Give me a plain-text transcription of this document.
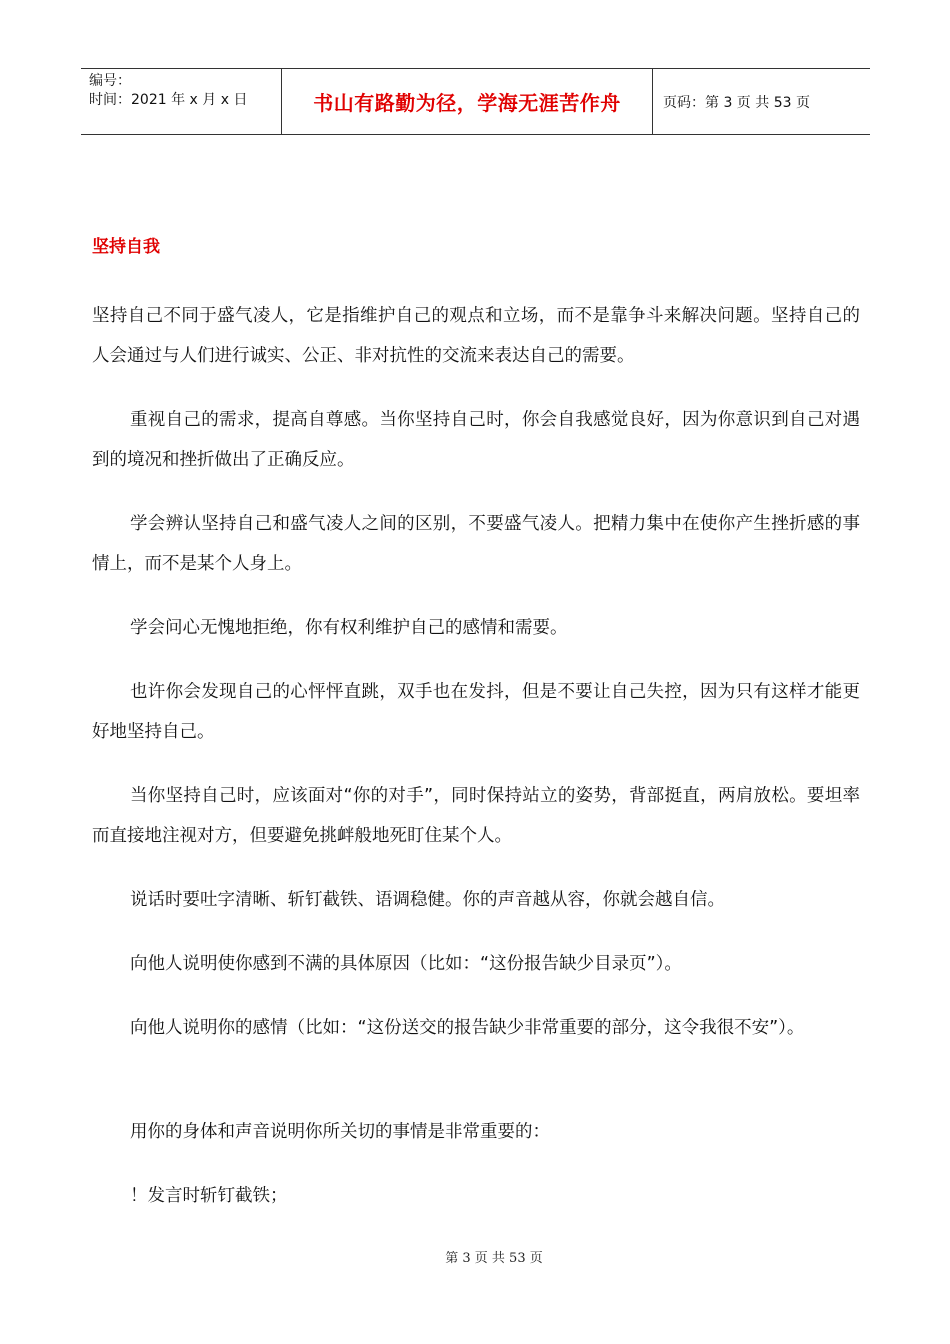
编号：
时间：2021 年 x 月 x 日	书山有路勤为径，学海无涯苦作舟	页码：第 3 页 共 53 页
坚持自我

坚持自己不同于盛气凌人，它是指维护自己的观点和立场，而不是靠争斗来解决问题。坚持自己的人会通过与人们进行诚实、公正、非对抗性的交流来表达自己的需要。

重视自己的需求，提高自尊感。当你坚持自己时，你会自我感觉良好，因为你意识到自己对遇到的境况和挫折做出了正确反应。

学会辨认坚持自己和盛气凌人之间的区别，不要盛气凌人。把精力集中在使你产生挫折感的事情上，而不是某个人身上。

学会问心无愧地拒绝，你有权利维护自己的感情和需要。

也许你会发现自己的心怦怦直跳，双手也在发抖，但是不要让自己失控，因为只有这样才能更好地坚持自己。

当你坚持自己时，应该面对“你的对手”，同时保持站立的姿势，背部挺直，两肩放松。要坦率而直接地注视对方，但要避免挑衅般地死盯住某个人。

说话时要吐字清晰、斩钉截铁、语调稳健。你的声音越从容，你就会越自信。

向他人说明使你感到不满的具体原因（比如：“这份报告缺少目录页”）。

向他人说明你的感情（比如：“这份送交的报告缺少非常重要的部分，这令我很不安”）。

用你的身体和声音说明你所关切的事情是非常重要的：

！发言时斩钉截铁；

第 3 页 共 53 页
